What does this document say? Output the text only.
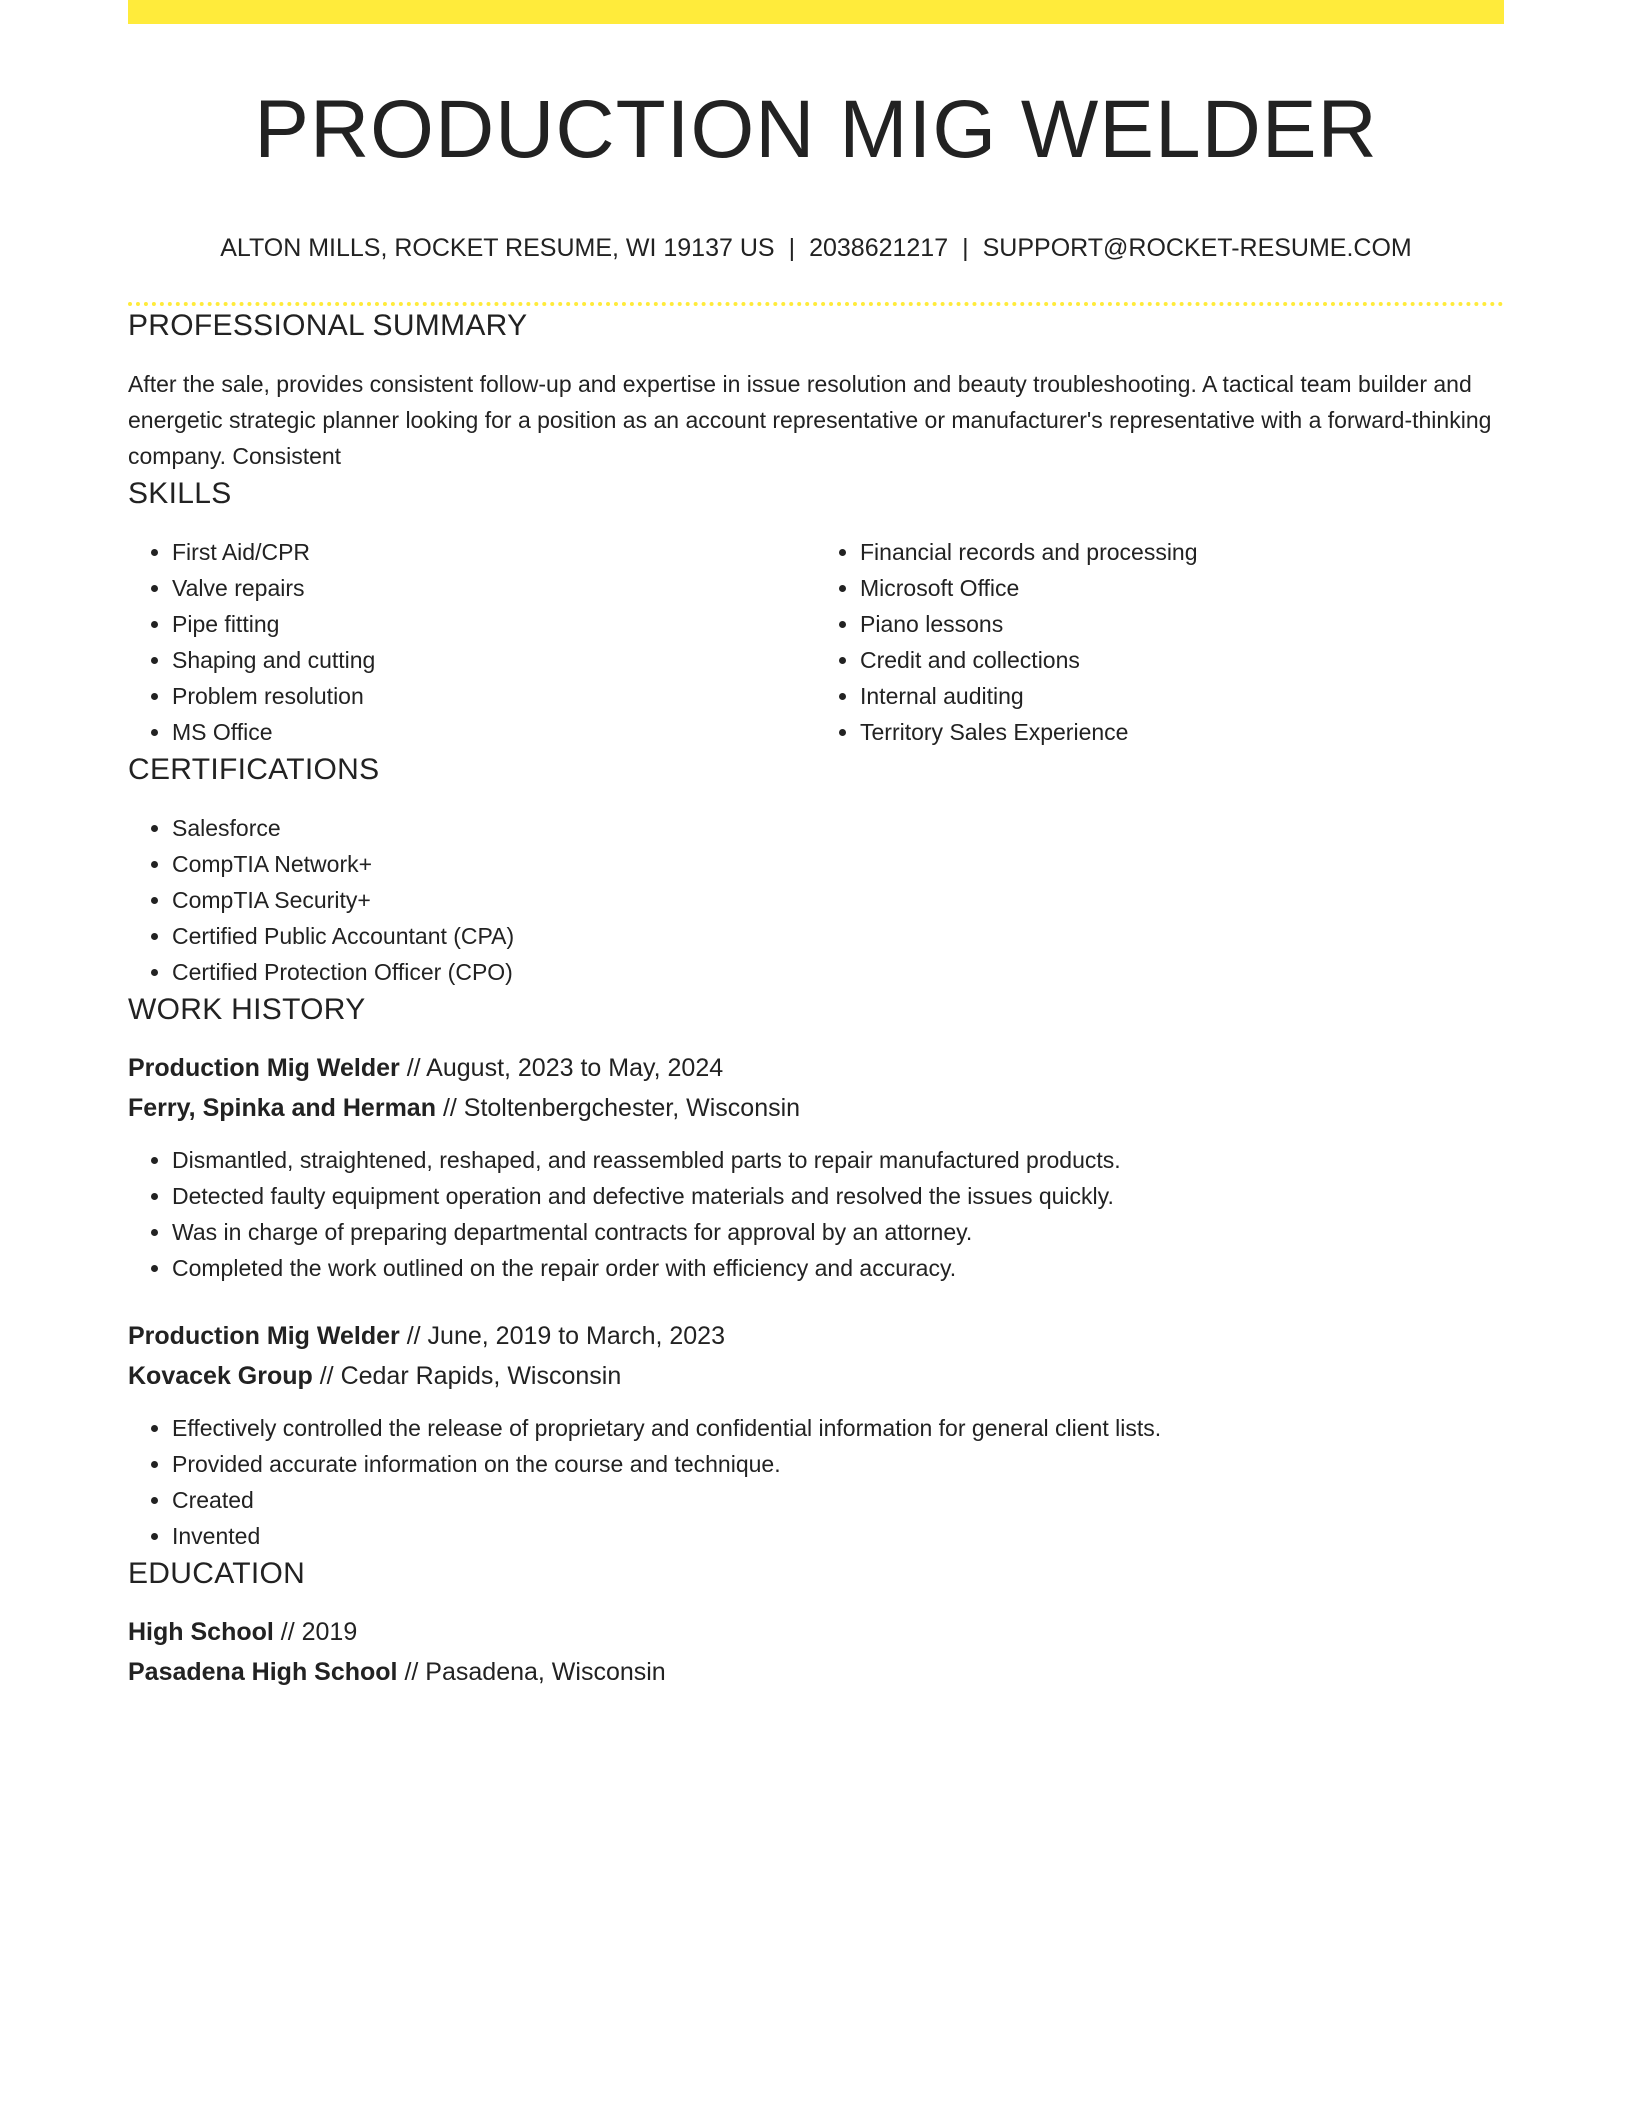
PRODUCTION MIG WELDER
ALTON MILLS, ROCKET RESUME, WI 19137 US | 2038621217 | SUPPORT@ROCKET-RESUME.COM
PROFESSIONAL SUMMARY

After the sale, provides consistent follow-up and expertise in issue resolution and beauty troubleshooting. A tactical team builder and energetic strategic planner looking for a position as an account representative or manufacturer's representative with a forward-thinking company. Consistent

SKILLS
• First Aid/CPR
• Valve repairs
• Pipe fitting
• Shaping and cutting
• Problem resolution
• MS Office
• Financial records and processing
• Microsoft Office
• Piano lessons
• Credit and collections
• Internal auditing
• Territory Sales Experience
CERTIFICATIONS
• Salesforce
• CompTIA Network+
• CompTIA Security+
• Certified Public Accountant (CPA)
• Certified Protection Officer (CPO)
WORK HISTORY
Production Mig Welder // August, 2023 to May, 2024
Ferry, Spinka and Herman // Stoltenbergchester, Wisconsin
• Dismantled, straightened, reshaped, and reassembled parts to repair manufactured products.
• Detected faulty equipment operation and defective materials and resolved the issues quickly.
• Was in charge of preparing departmental contracts for approval by an attorney.
• Completed the work outlined on the repair order with efficiency and accuracy.
Production Mig Welder // June, 2019 to March, 2023
Kovacek Group // Cedar Rapids, Wisconsin
• Effectively controlled the release of proprietary and confidential information for general client lists.
• Provided accurate information on the course and technique.
• Created
• Invented
EDUCATION
High School // 2019
Pasadena High School // Pasadena, Wisconsin
